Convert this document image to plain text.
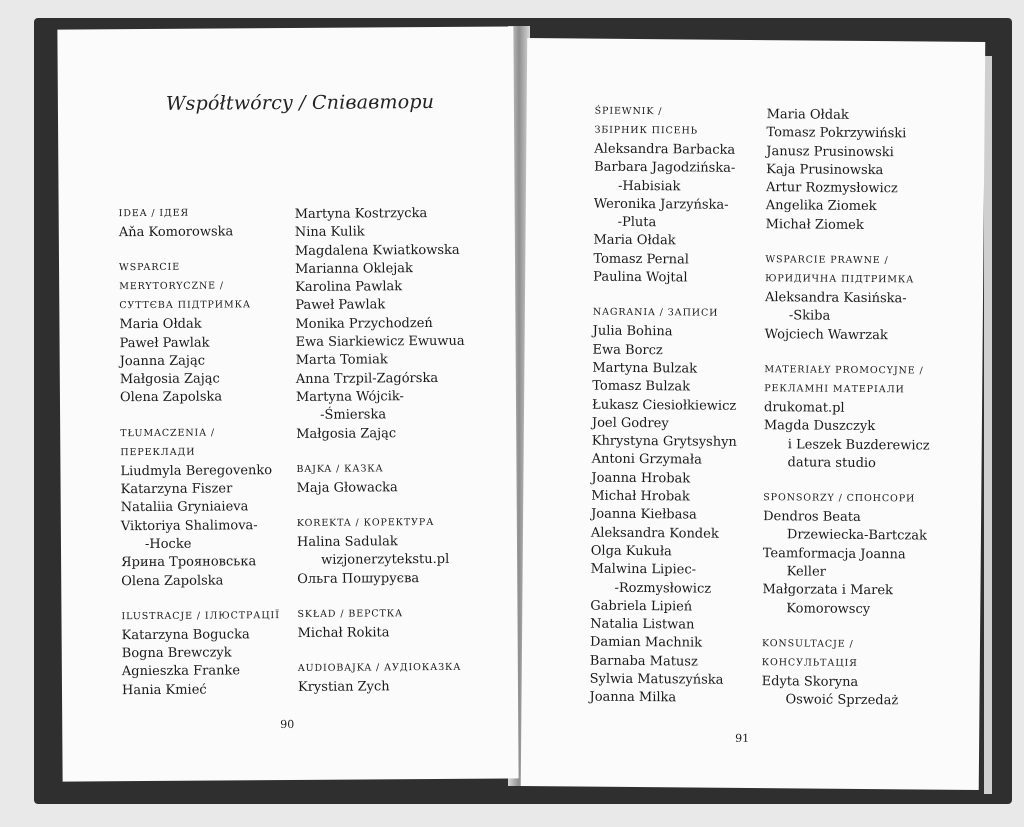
Współtwórcy / Співавтори
IDEA / ІДЕЯ
Aňa Komorowska
WSPARCIE
MERYTORYCZNE /
СУТТЄВА ПІДТРИМКА
Maria Ołdak
Paweł Pawlak
Joanna Zając
Małgosia Zając
Olena Zapolska
TŁUMACZENIA /
ПЕРЕКЛАДИ
Liudmyla Beregovenko
Katarzyna Fiszer
Nataliia Gryniaieva
Viktoriya Shalimova-
-Hocke
Ярина Трояновська
Olena Zapolska
ILUSTRACJE / ІЛЮСТРАЦІЇ
Katarzyna Bogucka
Bogna Brewczyk
Agnieszka Franke
Hania Kmieć
Martyna Kostrzycka
Nina Kulik
Magdalena Kwiatkowska
Marianna Oklejak
Karolina Pawlak
Paweł Pawlak
Monika Przychodzeń
Ewa Siarkiewicz Ewuwua
Marta Tomiak
Anna Trzpil-Zagórska
Martyna Wójcik-
-Śmierska
Małgosia Zając
BAJKA / КАЗКА
Maja Głowacka
KOREKTA / КОРЕКТУРА
Halina Sadulak
wizjonerzytekstu.pl
Ольга Пошуруєва
SKŁAD / ВЕРСТКА
Michał Rokita
AUDIOBAJKA / АУДІОКАЗКА
Krystian Zych
90
ŚPIEWNIK /
ЗБІРНИК ПІСЕНЬ
Aleksandra Barbacka
Barbara Jagodzińska-
-Habisiak
Weronika Jarzyńska-
-Pluta
Maria Ołdak
Tomasz Pernal
Paulina Wojtal
NAGRANIA / ЗАПИСИ
Julia Bohina
Ewa Borcz
Martyna Bulzak
Tomasz Bulzak
Łukasz Ciesiołkiewicz
Joel Godrey
Khrystyna Grytsyshyn
Antoni Grzymała
Joanna Hrobak
Michał Hrobak
Joanna Kiełbasa
Aleksandra Kondek
Olga Kukuła
Malwina Lipiec-
-Rozmysłowicz
Gabriela Lipień
Natalia Listwan
Damian Machnik
Barnaba Matusz
Sylwia Matuszyńska
Joanna Milka
Maria Ołdak
Tomasz Pokrzywiński
Janusz Prusinowski
Kaja Prusinowska
Artur Rozmysłowicz
Angelika Ziomek
Michał Ziomek
WSPARCIE PRAWNE /
ЮРИДИЧНА ПІДТРИМКА
Aleksandra Kasińska-
-Skiba
Wojciech Wawrzak
MATERIAŁY PROMOCYJNE /
РЕКЛАМНІ МАТЕРІАЛИ
drukomat.pl
Magda Duszczyk
i Leszek Buzderewicz
datura studio
SPONSORZY / СПОНСОРИ
Dendros Beata
Drzewiecka-Bartczak
Teamformacja Joanna
Keller
Małgorzata i Marek
Komorowscy
KONSULTACJE /
КОНСУЛЬТАЦІЯ
Edyta Skoryna
Oswoić Sprzedaż
91
